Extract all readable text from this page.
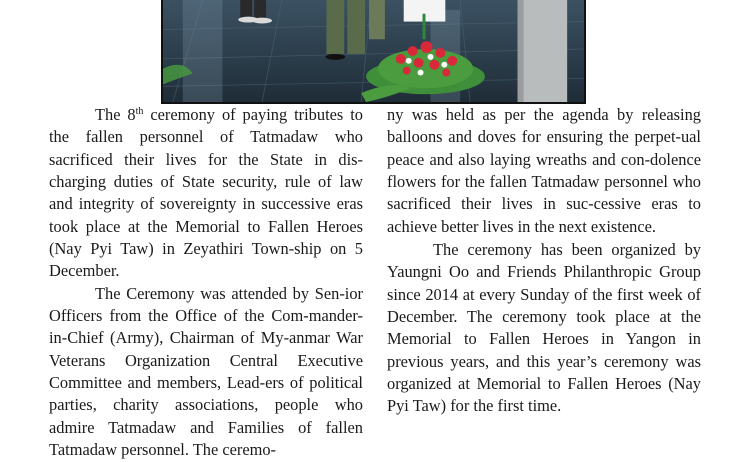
The 8th ceremony of paying tributes to the fallen personnel of Tatmadaw who sacrificed their lives for the State in dis-charging duties of State security, rule of law and integrity of sovereignty in successive eras took place at the Memorial to Fallen Heroes (Nay Pyi Taw) in Zeyathiri Town-ship on 5 December.

The Ceremony was attended by Sen-ior Officers from the Office of the Com-mander-in-Chief (Army), Chairman of My-anmar War Veterans Organization Central Executive Committee and members, Lead-ers of political parties, charity associations, people who admire Tatmadaw and Families of fallen Tatmadaw personnel. The ceremo-

ny was held as per the agenda by releasing balloons and doves for ensuring the perpet-ual peace and also laying wreaths and con-dolence flowers for the fallen Tatmadaw personnel who sacrificed their lives in suc-cessive eras to achieve better lives in the next existence.

The ceremony has been organized by Yaungni Oo and Friends Philanthropic Group since 2014 at every Sunday of the first week of December. The ceremony took place at the Memorial to Fallen Heroes in Yangon in previous years, and this year’s ceremony was organized at Memorial to Fallen Heroes (Nay Pyi Taw) for the first time.
